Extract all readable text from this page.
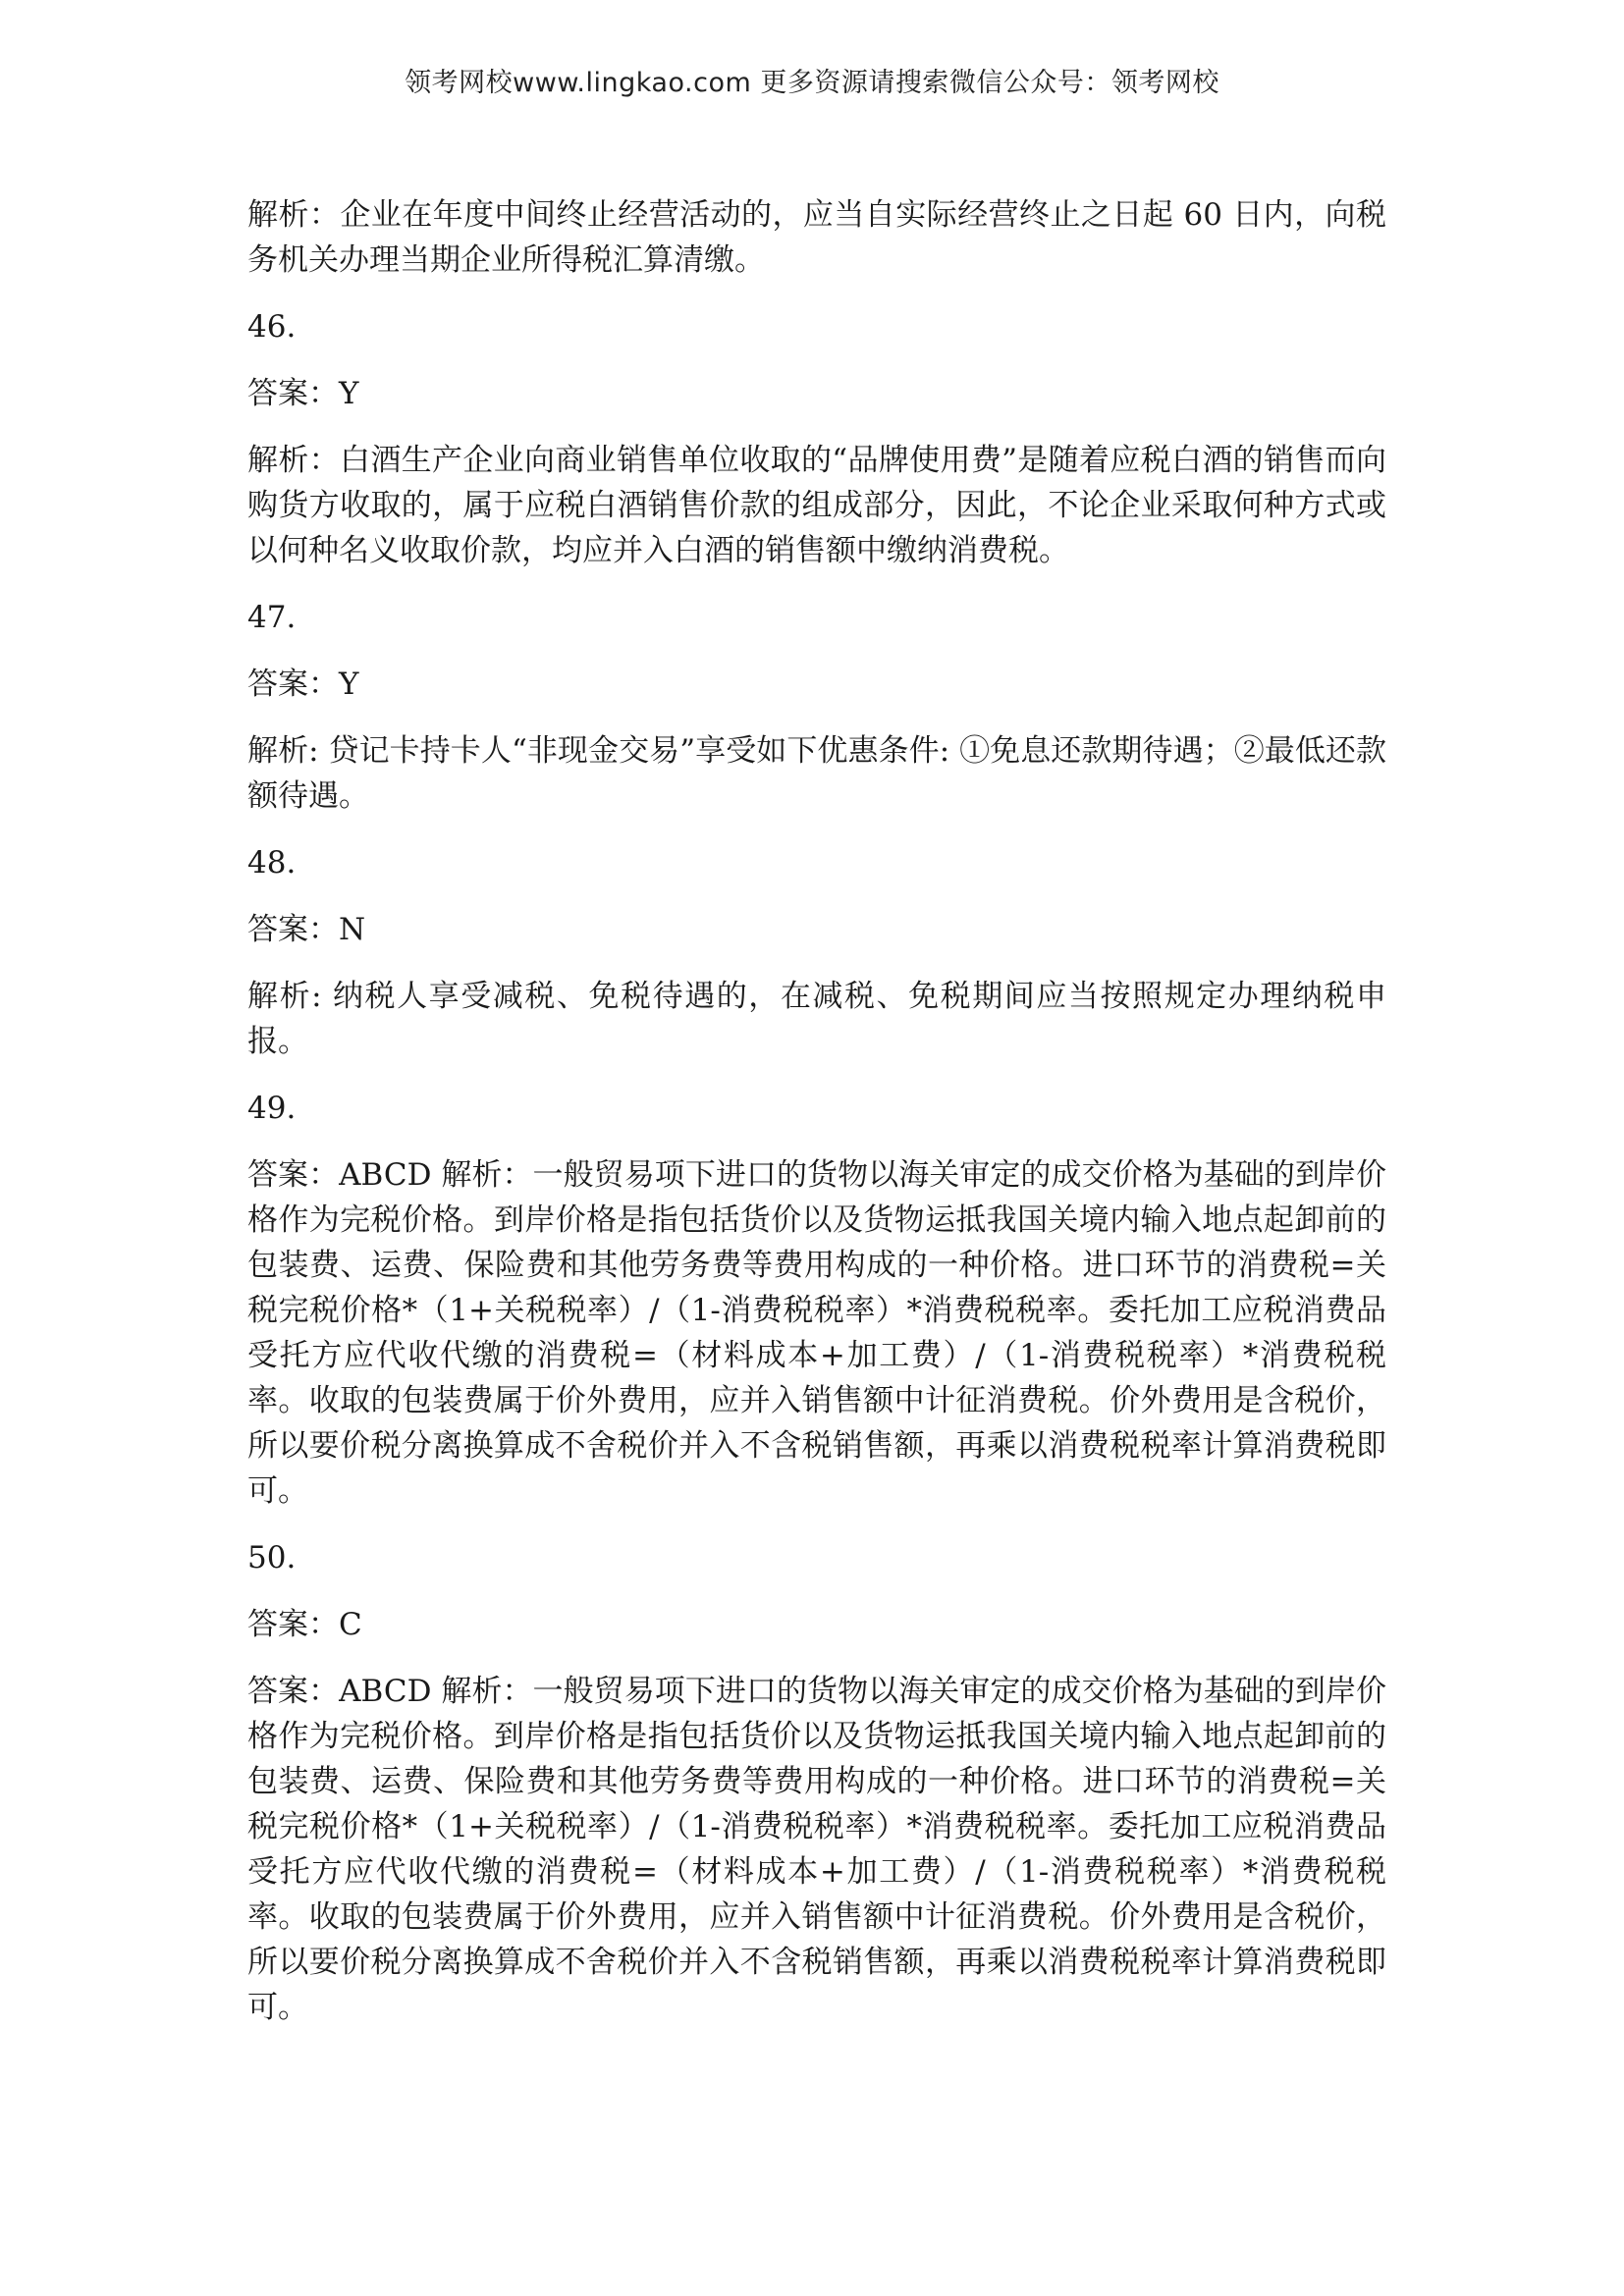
领考网校www.lingkao.com 更多资源请搜索微信公众号：领考网校

解析：企业在年度中间终止经营活动的，应当自实际经营终止之日起 60 日内，向税务机关办理当期企业所得税汇算清缴。

46.

答案：Y

解析：白酒生产企业向商业销售单位收取的“品牌使用费”是随着应税白酒的销售而向购货方收取的，属于应税白酒销售价款的组成部分，因此，不论企业采取何种方式或以何种名义收取价款，均应并入白酒的销售额中缴纳消费税。

47.

答案：Y

解析: 贷记卡持卡人“非现金交易”享受如下优惠条件: ①免息还款期待遇；②最低还款额待遇。

48.

答案：N

解析: 纳税人享受减税、免税待遇的，在减税、免税期间应当按照规定办理纳税申报。

49.

答案：ABCD 解析：一般贸易项下进口的货物以海关审定的成交价格为基础的到岸价格作为完税价格。到岸价格是指包括货价以及货物运抵我国关境内输入地点起卸前的包装费、运费、保险费和其他劳务费等费用构成的一种价格。进口环节的消费税=关税完税价格*（1+关税税率）/（1-消费税税率）*消费税税率。委托加工应税消费品受托方应代收代缴的消费税=（材料成本+加工费）/（1-消费税税率）*消费税税率。收取的包装费属于价外费用，应并入销售额中计征消费税。价外费用是含税价，所以要价税分离换算成不舍税价并入不含税销售额，再乘以消费税税率计算消费税即可。

50.

答案：C

答案：ABCD 解析：一般贸易项下进口的货物以海关审定的成交价格为基础的到岸价格作为完税价格。到岸价格是指包括货价以及货物运抵我国关境内输入地点起卸前的包装费、运费、保险费和其他劳务费等费用构成的一种价格。进口环节的消费税=关税完税价格*（1+关税税率）/（1-消费税税率）*消费税税率。委托加工应税消费品受托方应代收代缴的消费税=（材料成本+加工费）/（1-消费税税率）*消费税税率。收取的包装费属于价外费用，应并入销售额中计征消费税。价外费用是含税价，所以要价税分离换算成不舍税价并入不含税销售额，再乘以消费税税率计算消费税即可。
